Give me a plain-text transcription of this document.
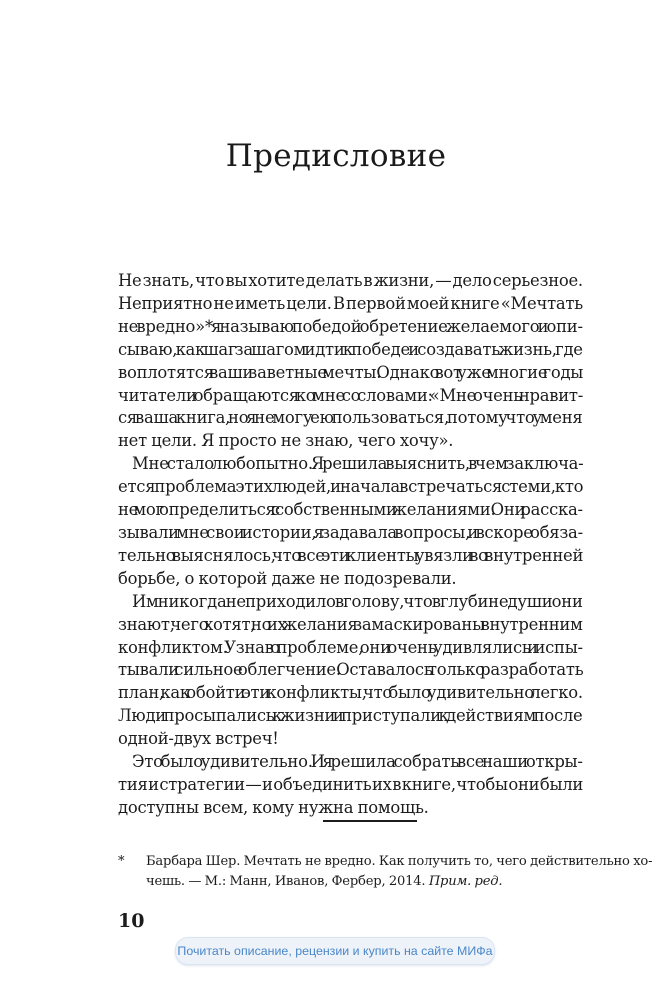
Предисловие
Не знать, что вы хотите делать в жизни, — дело серьезное.
Неприятно не иметь цели. В первой моей книге «Мечтать
не вредно»* я называю победой обретение желаемого и опи-
сываю, как шаг за шагом идти к победе и создавать жизнь, где
воплотятся ваши заветные мечты. Однако вот уже многие годы
читатели обращаются ко мне со словами: «Мне очень нравит-
ся ваша книга, но я не могу ею пользоваться, потому что у меня
нет цели. Я просто не знаю, чего хочу».
Мне стало любопытно. Я решила выяснить, в чем заключа-
ется проблема этих людей, и начала встречаться с теми, кто
не мог определиться с собственными желаниями. Они расска-
зывали мне свои истории, я задавала вопросы, и вскоре обяза-
тельно выяснялось, что все эти клиенты увязли во внутренней
борьбе, о которой даже не подозревали.
Им никогда не приходило в голову, что в глубине души они
знают, чего хотят, но их желания замаскированы внутренним
конфликтом. Узнав о проблеме, они очень удивлялись и испы-
тывали сильное облегчение. Оставалось только разработать
план, как обойти эти конфликты, что было удивительно легко.
Люди просыпались к жизни и приступали к действиям после
одной-двух встреч!
Это было удивительно. И я решила собрать все наши откры-
тия и стратегии — и объединить их в книге, чтобы они были
доступны всем, кому нужна помощь.
* Барбара Шер. Мечтать не вредно. Как получить то, чего действительно хо-
чешь. — М.: Манн, Иванов, Фербер, 2014. Прим. ред.
10
Почитать описание, рецензии и купить на сайте МИФа
